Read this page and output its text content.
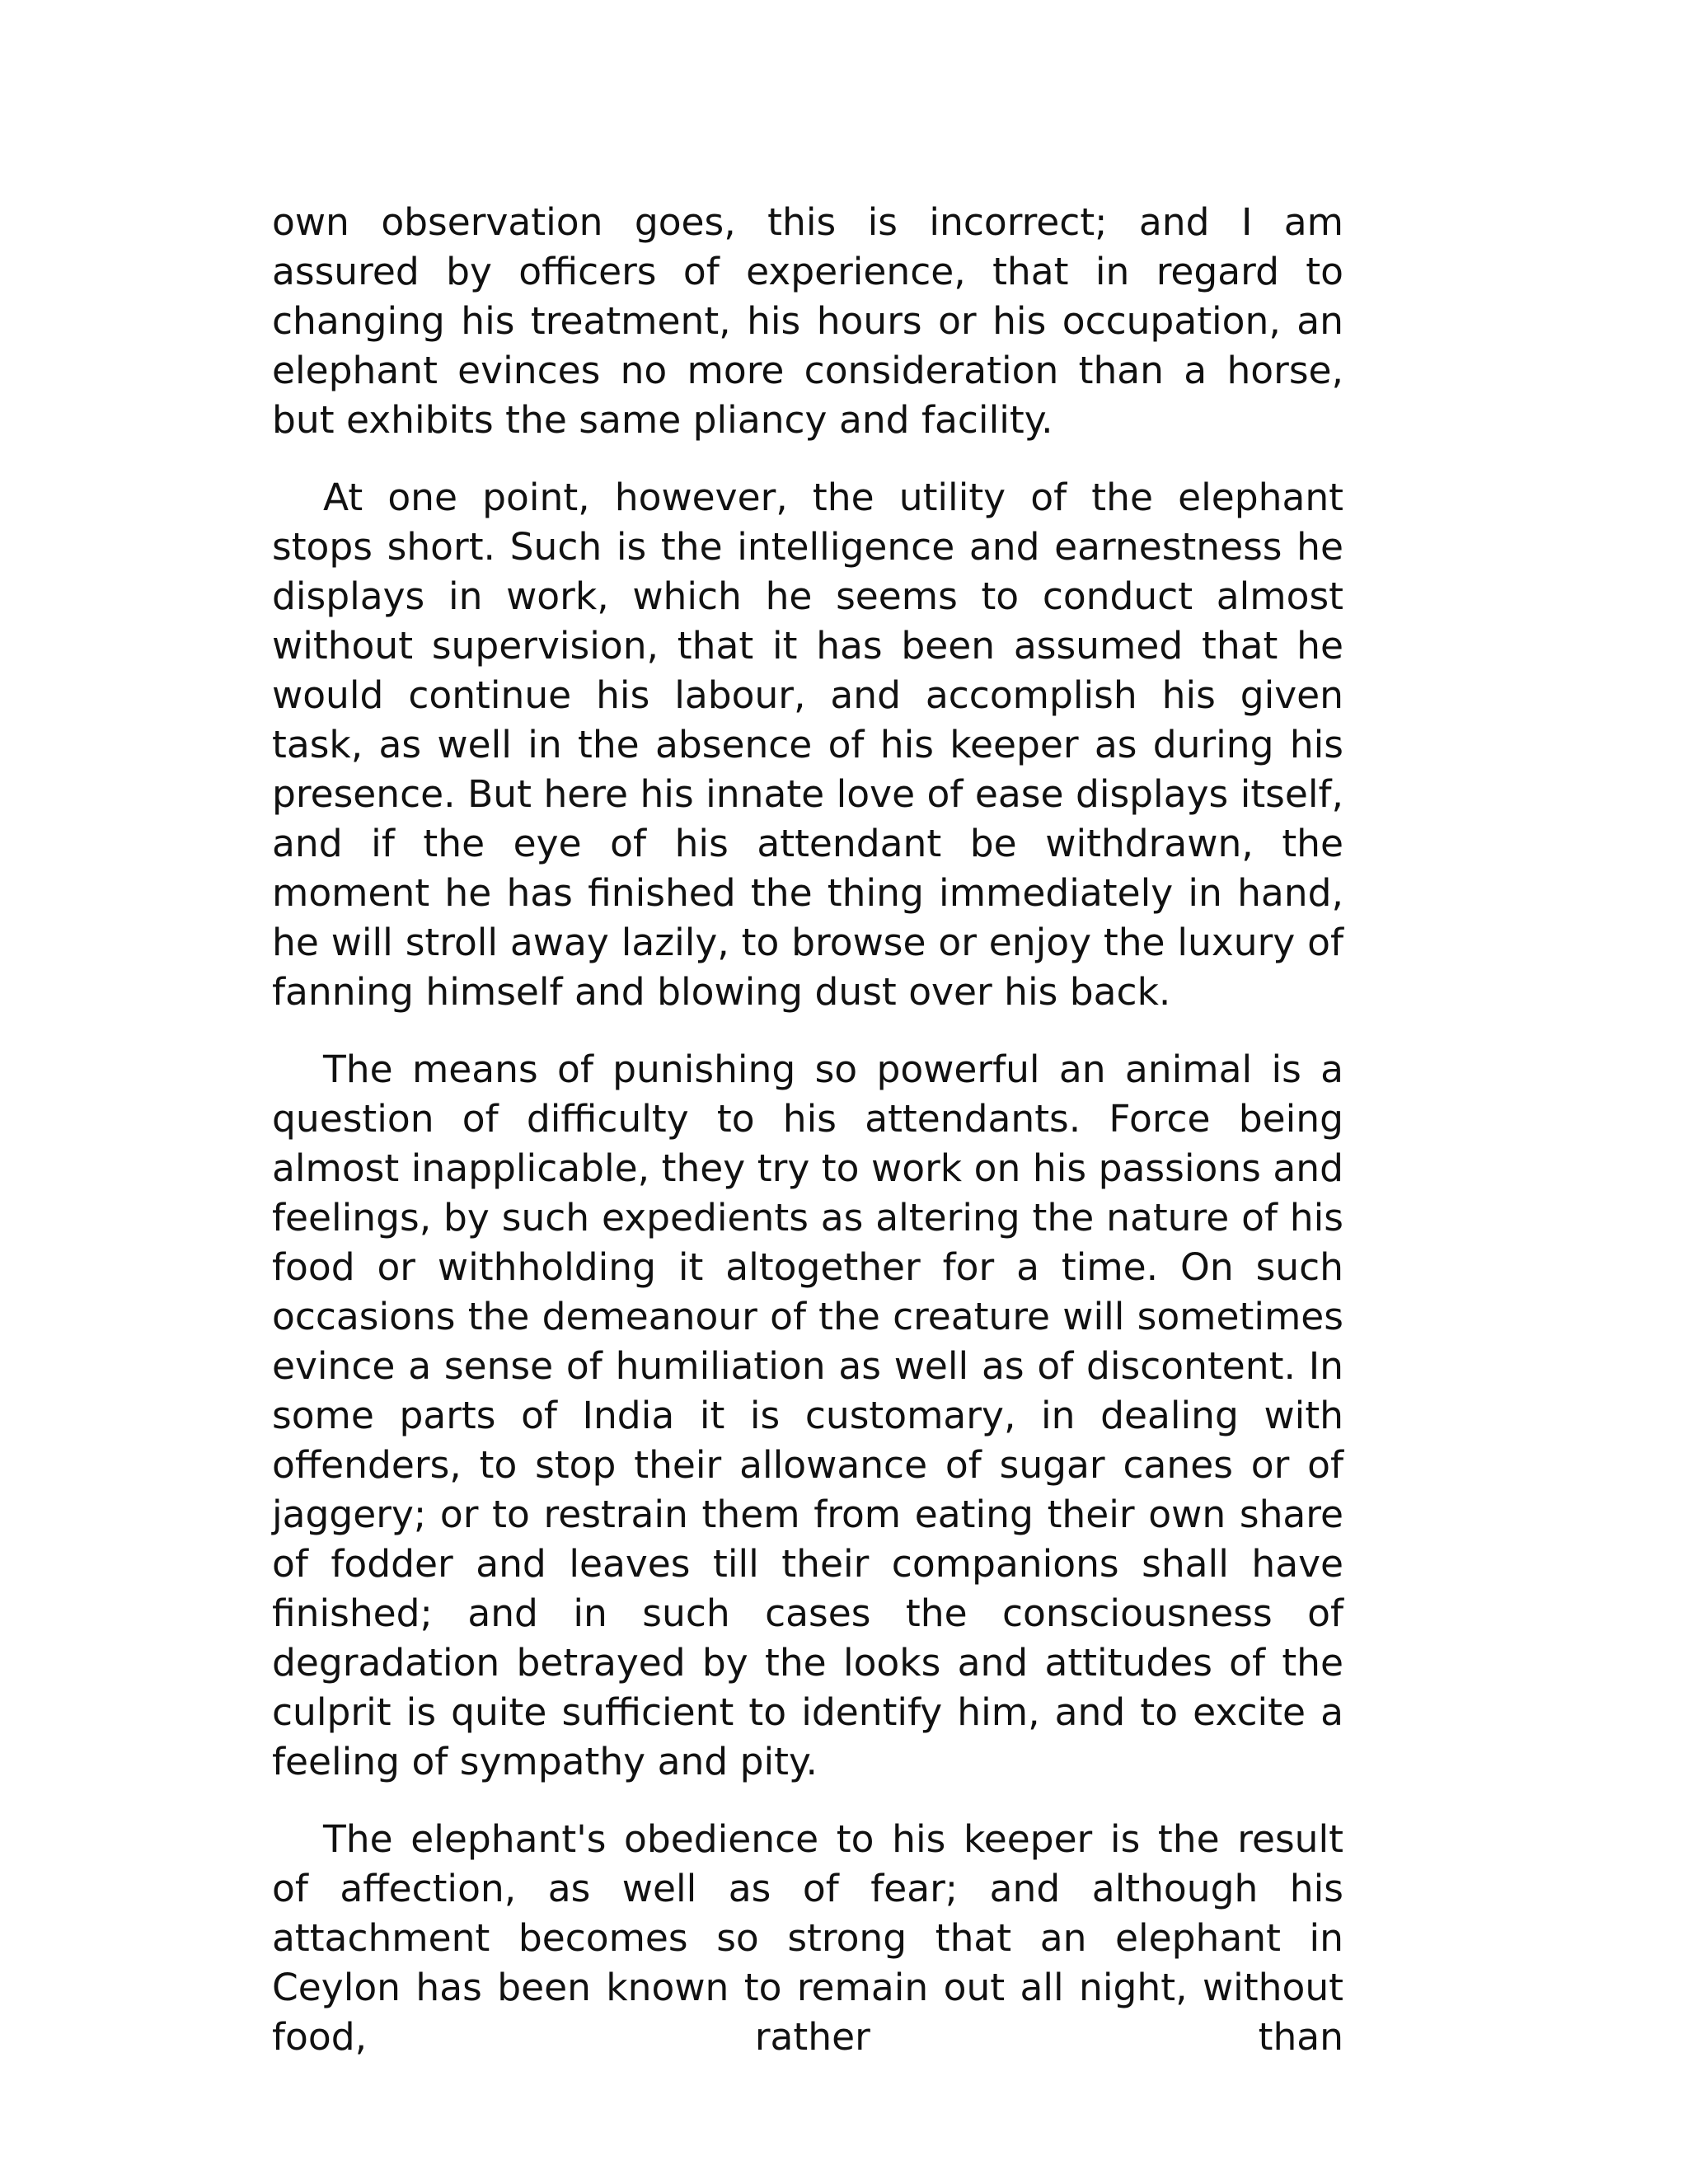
own observation goes, this is incorrect; and I am assured by officers of experience, that in regard to changing his treatment, his hours or his occupation, an elephant evinces no more consideration than a horse, but exhibits the same pliancy and facility.

At one point, however, the utility of the elephant stops short. Such is the intelligence and earnestness he displays in work, which he seems to conduct almost without supervision, that it has been assumed that he would continue his labour, and accomplish his given task, as well in the absence of his keeper as during his presence. But here his innate love of ease displays itself, and if the eye of his attendant be withdrawn, the moment he has finished the thing immediately in hand, he will stroll away lazily, to browse or enjoy the luxury of fanning himself and blowing dust over his back.

The means of punishing so powerful an animal is a question of difficulty to his attendants. Force being almost inapplicable, they try to work on his passions and feelings, by such expedients as altering the nature of his food or withholding it altogether for a time. On such occasions the demeanour of the creature will sometimes evince a sense of humiliation as well as of discontent. In some parts of India it is customary, in dealing with offenders, to stop their allowance of sugar canes or of jaggery; or to restrain them from eating their own share of fodder and leaves till their companions shall have finished; and in such cases the consciousness of degradation betrayed by the looks and attitudes of the culprit is quite sufficient to identify him, and to excite a feeling of sympathy and pity.

The elephant's obedience to his keeper is the result of affection, as well as of fear; and although his attachment becomes so strong that an elephant in Ceylon has been known to remain out all night, without food, rather than
